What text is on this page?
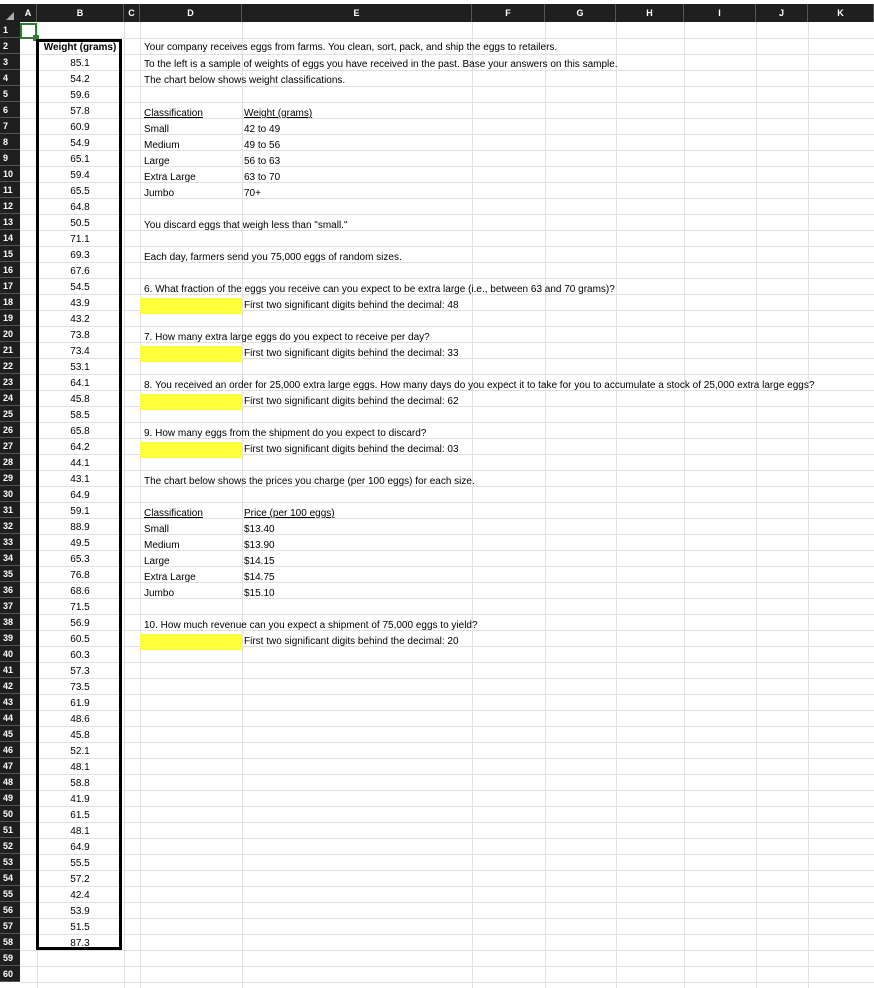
A	B	C	D	E	F	G	H	I	J	K
1
2
3
4
5
6
7
8
9
10
11
12
13
14
15
16
17
18
19
20
21
22
23
24
25
26
27
28
29
30
31
32
33
34
35
36
37
38
39
40
41
42
43
44
45
46
47
48
49
50
51
52
53
54
55
56
57
58
59
60
Weight (grams)
85.1
54.2
59.6
57.8
60.9
54.9
65.1
59.4
65.5
64.8
50.5
71.1
69.3
67.6
54.5
43.9
43.2
73.8
73.4
53.1
64.1
45.8
58.5
65.8
64.2
44.1
43.1
64.9
59.1
88.9
49.5
65.3
76.8
68.6
71.5
56.9
60.5
60.3
57.3
73.5
61.9
48.6
45.8
52.1
48.1
58.8
41.9
61.5
48.1
64.9
55.5
57.2
42.4
53.9
51.5
87.3
Your company receives eggs from farms. You clean, sort, pack, and ship the eggs to retailers.
To the left is a sample of weights of eggs you have received in the past. Base your answers on this sample.
The chart below shows weight classifications.
Classification	Weight (grams)
Small	42 to 49
Medium	49 to 56
Large	56 to 63
Extra Large	63 to 70
Jumbo	70+
You discard eggs that weigh less than "small."
Each day, farmers send you 75,000 eggs of random sizes.
6. What fraction of the eggs you receive can you expect to be extra large (i.e., between 63 and 70 grams)?
First two significant digits behind the decimal: 48
7. How many extra large eggs do you expect to receive per day?
First two significant digits behind the decimal: 33
8. You received an order for 25,000 extra large eggs. How many days do you expect it to take for you to accumulate a stock of 25,000 extra large eggs?
First two significant digits behind the decimal: 62
9. How many eggs from the shipment do you expect to discard?
First two significant digits behind the decimal: 03
The chart below shows the prices you charge (per 100 eggs) for each size.
Classification	Price (per 100 eggs)
Small	$13.40
Medium	$13.90
Large	$14.15
Extra Large	$14.75
Jumbo	$15.10
10. How much revenue can you expect a shipment of 75,000 eggs to yield?
First two significant digits behind the decimal: 20
